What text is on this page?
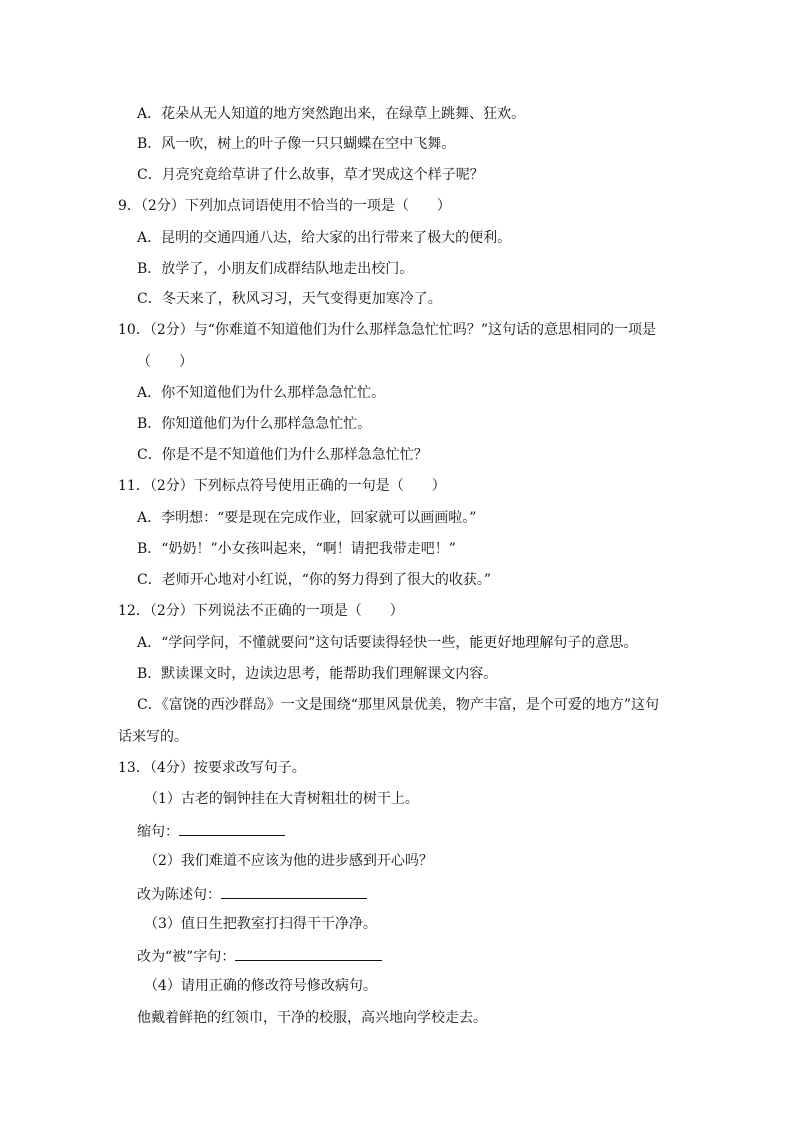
A．花朵从无人知道的地方突然跑出来，在绿草上跳舞、狂欢。
B．风一吹，树上的叶子像一只只蝴蝶在空中飞舞。
C．月亮究竟给草讲了什么故事，草才哭成这个样子呢？
9．（2分）下列加点词语使用不恰当的一项是（　　）
A．昆明的交通四通八达，给大家的出行带来了极大的便利。
B．放学了，小朋友们成群结队地走出校门。
C．冬天来了，秋风习习，天气变得更加寒冷了。
10．（2分）与“你难道不知道他们为什么那样急急忙忙吗？”这句话的意思相同的一项是
（　　）
A．你不知道他们为什么那样急急忙忙。
B．你知道他们为什么那样急急忙忙。
C．你是不是不知道他们为什么那样急急忙忙？
11．（2分）下列标点符号使用正确的一句是（　　）
A．李明想：“要是现在完成作业，回家就可以画画啦。”
B．“奶奶！”小女孩叫起来，“啊！请把我带走吧！”
C．老师开心地对小红说，“你的努力得到了很大的收获。”
12．（2分）下列说法不正确的一项是（　　）
A．“学问学问，不懂就要问”这句话要读得轻快一些，能更好地理解句子的意思。
B．默读课文时，边读边思考，能帮助我们理解课文内容。
C．《富饶的西沙群岛》一文是围绕“那里风景优美，物产丰富，是个可爱的地方”这句
话来写的。
13．（4分）按要求改写句子。
（1）古老的铜钟挂在大青树粗壮的树干上。
缩句：
（2）我们难道不应该为他的进步感到开心吗？
改为陈述句：
（3）值日生把教室打扫得干干净净。
改为“被”字句：
（4）请用正确的修改符号修改病句。
他戴着鲜艳的红领巾，干净的校服，高兴地向学校走去。
